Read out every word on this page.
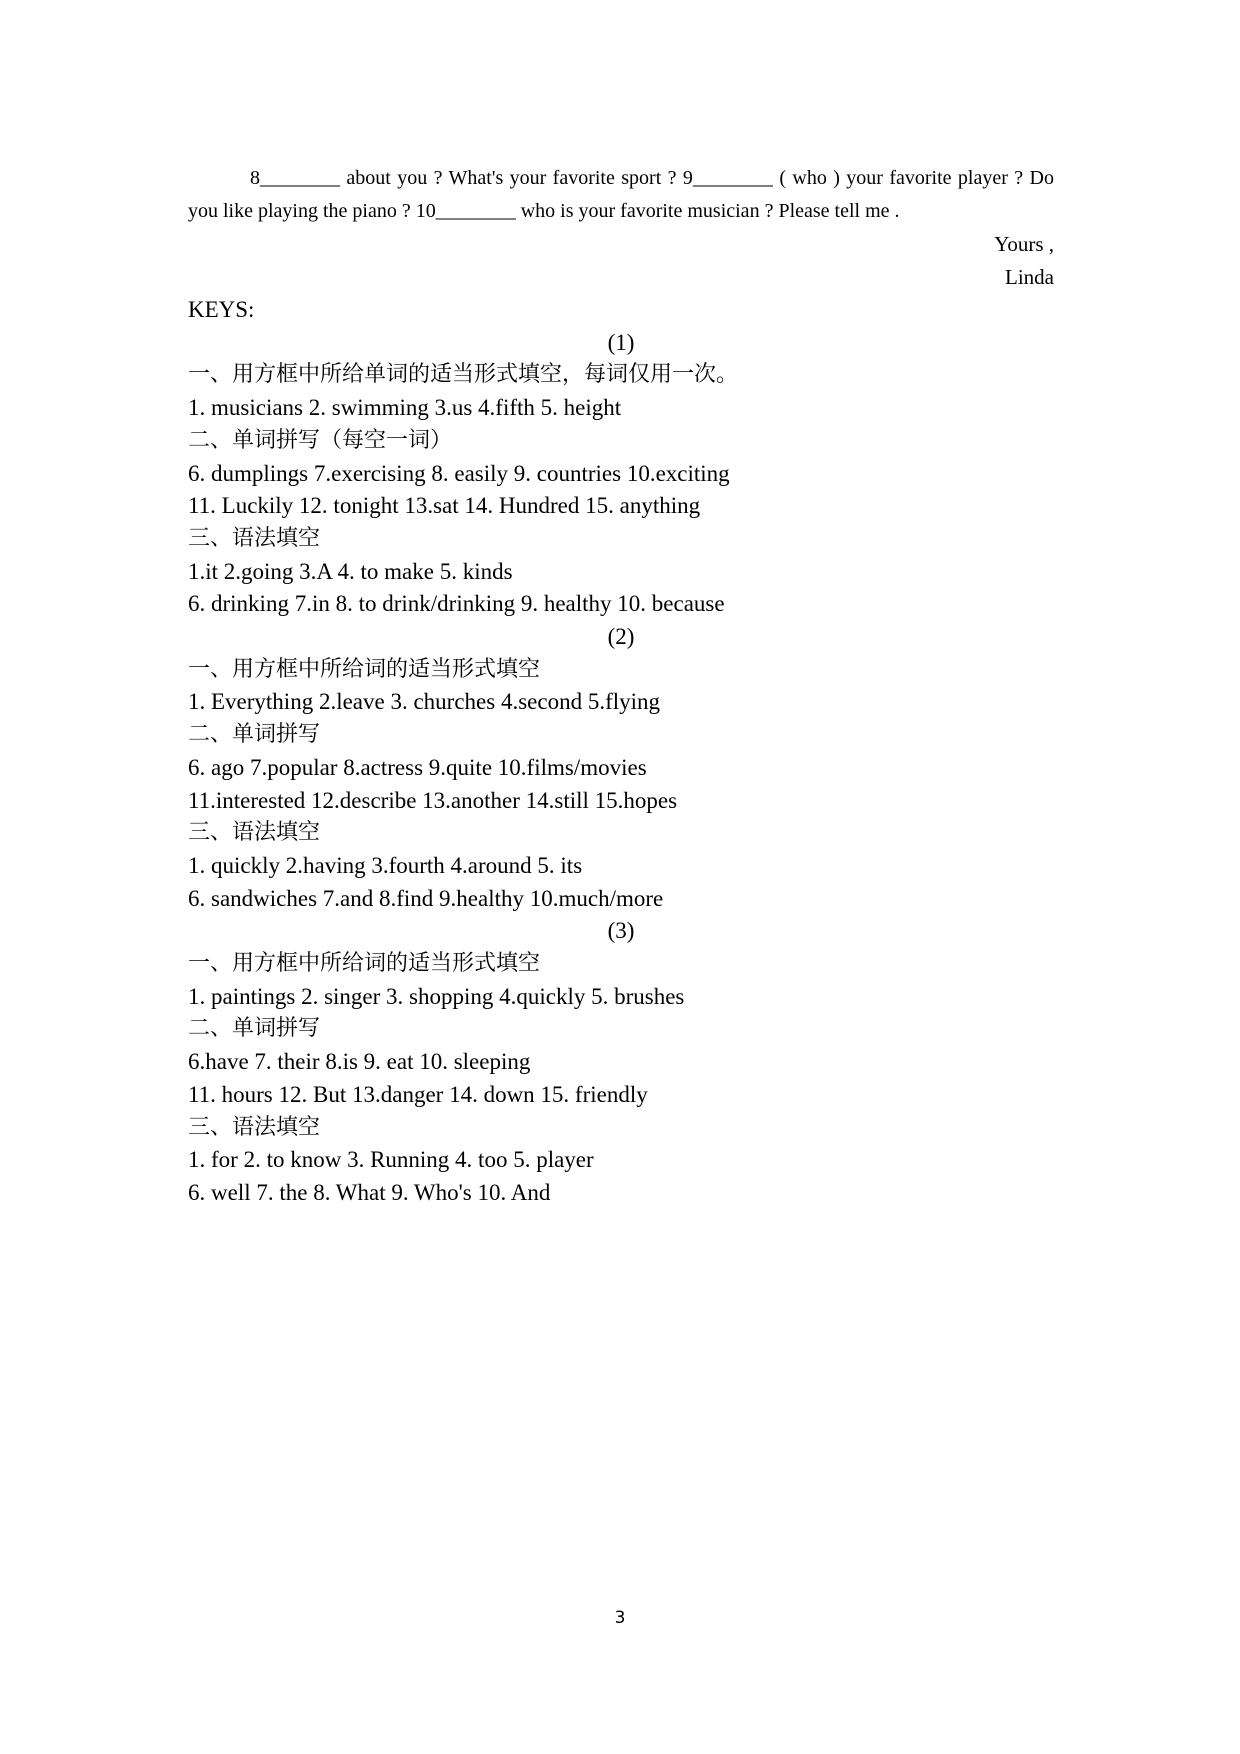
8________ about you ? What's your favorite sport ? 9________ ( who ) your favorite player ? Do you like playing the piano ? 10________ who is your favorite musician ? Please tell me .

Yours ,
Linda
KEYS:
(1)
一、用方框中所给单词的适当形式填空，每词仅用一次。
1. musicians 2. swimming 3.us 4.fifth 5. height
二、单词拼写（每空一词）
6. dumplings 7.exercising 8. easily 9. countries 10.exciting
11. Luckily 12. tonight 13.sat 14. Hundred 15. anything
三、语法填空
1.it 2.going 3.A 4. to make 5. kinds
6. drinking 7.in 8. to drink/drinking 9. healthy 10. because
(2)
一、用方框中所给词的适当形式填空
1. Everything 2.leave 3. churches 4.second 5.flying
二、单词拼写
6. ago 7.popular 8.actress 9.quite 10.films/movies
11.interested 12.describe 13.another 14.still 15.hopes
三、语法填空
1. quickly 2.having 3.fourth 4.around 5. its
6. sandwiches 7.and 8.find 9.healthy 10.much/more
(3)
一、用方框中所给词的适当形式填空
1. paintings 2. singer 3. shopping 4.quickly 5. brushes
二、单词拼写
6.have 7. their 8.is 9. eat 10. sleeping
11. hours 12. But 13.danger 14. down 15. friendly
三、语法填空
1. for 2. to know 3. Running 4. too 5. player
6. well 7. the 8. What 9. Who's 10. And
3
